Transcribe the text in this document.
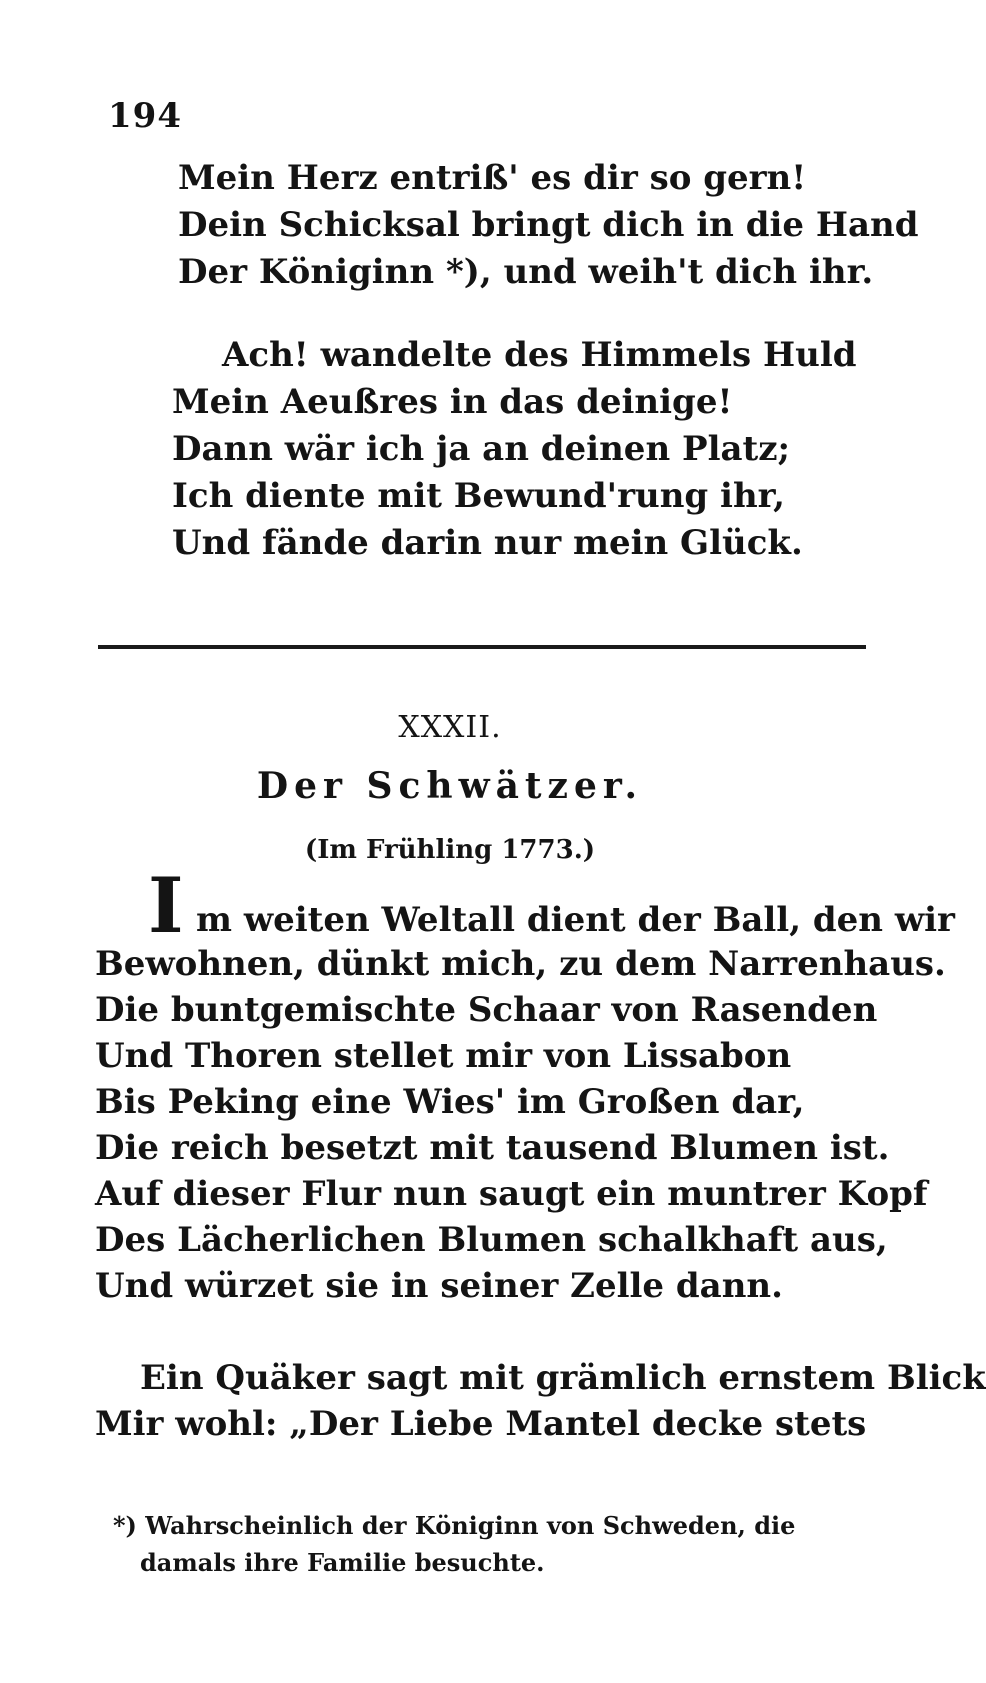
194
Mein Herz entriß' es dir so gern!
Dein Schicksal bringt dich in die Hand
Der Königinn *), und weih't dich ihr.
Ach! wandelte des Himmels Huld
Mein Aeußres in das deinige!
Dann wär ich ja an deinen Platz;
Ich diente mit Bewund'rung ihr,
Und fände darin nur mein Glück.
XXXII.
Der Schwätzer.
(Im Frühling 1773.)
I m weiten Weltall dient der Ball, den wir
Bewohnen, dünkt mich, zu dem Narrenhaus.
Die buntgemischte Schaar von Rasenden
Und Thoren stellet mir von Lissabon
Bis Peking eine Wies' im Großen dar,
Die reich besetzt mit tausend Blumen ist.
Auf dieser Flur nun saugt ein muntrer Kopf
Des Lächerlichen Blumen schalkhaft aus,
Und würzet sie in seiner Zelle dann.
Ein Quäker sagt mit grämlich ernstem Blick
Mir wohl: „Der Liebe Mantel decke stets
*) Wahrscheinlich der Königinn von Schweden, die
damals ihre Familie besuchte.
